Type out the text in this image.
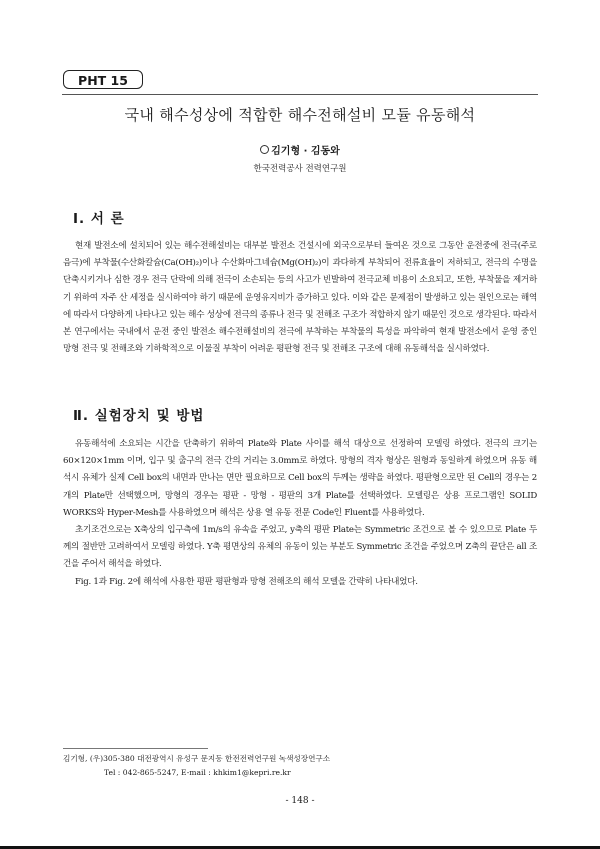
PHT 15
국내 해수성상에 적합한 해수전해설비 모듈 유동해석
김기형 · 김동와
한국전력공사 전력연구원
Ⅰ. 서 론

현재 발전소에 설치되어 있는 해수전해설비는 대부분 발전소 건설시에 외국으로부터 들여온 것으로 그동안 운전중에 전극(주로 음극)에 부착물(수산화칼슘(Ca(OH)₂)이나 수산화마그네슘(Mg(OH)₂)이 과다하게 부착되어 전류효율이 저하되고, 전극의 수명을 단축시키거나 심한 경우 전극 단락에 의해 전극이 소손되는 등의 사고가 빈발하여 전극교체 비용이 소요되고, 또한, 부착물을 제거하기 위하여 자주 산 세정을 실시하여야 하기 때문에 운영유지비가 증가하고 있다. 이와 같은 문제점이 발생하고 있는 원인으로는 해역에 따라서 다양하게 나타나고 있는 해수 성상에 전극의 종류나 전극 및 전해조 구조가 적합하지 않기 때문인 것으로 생각된다. 따라서 본 연구에서는 국내에서 운전 중인 발전소 해수전해설비의 전극에 부착하는 부착물의 특성을 파악하여 현재 발전소에서 운영 중인 망형 전극 및 전해조와 기하학적으로 이물질 부착이 어려운 평판형 전극 및 전해조 구조에 대해 유동해석을 실시하였다.

Ⅱ. 실험장치 및 방법

유동해석에 소요되는 시간을 단축하기 위하여 Plate와 Plate 사이를 해석 대상으로 선정하여 모델링 하였다. 전극의 크기는 60×120×1mm 이며, 입구 및 출구의 전극 간의 거리는 3.0mm로 하였다. 망형의 격자 형상은 원형과 동일하게 하였으며 유동 해석시 유체가 실제 Cell box의 내면과 만나는 면만 필요하므로 Cell box의 두께는 생략을 하였다. 평판형으로만 된 Cell의 경우는 2개의 Plate만 선택했으며, 망형의 경우는 평판 - 망형 - 평판의 3개 Plate를 선택하였다. 모델링은 상용 프로그램인 SOLID WORKS와 Hyper-Mesh를 사용하였으며 해석은 상용 열 유동 전문 Code인 Fluent를 사용하였다.

초기조건으로는 X축상의 입구측에 1m/s의 유속을 주었고, y축의 평판 Plate는 Symmetric 조건으로 볼 수 있으므로 Plate 두께의 절반만 고려하여서 모델링 하였다. Y축 평면상의 유체의 유동이 있는 부분도 Symmetric 조건을 주었으며 Z축의 끝단은 all 조건을 주어서 해석을 하였다.

Fig. 1과 Fig. 2에 해석에 사용한 평판 평판형과 망형 전해조의 해석 모델을 간략히 나타내었다.

김기형, (우)305-380 대전광역시 유성구 문지동 한전전력연구원 녹색성장연구소
Tel : 042-865-5247, E-mail : khkim1@kepri.re.kr
- 148 -
